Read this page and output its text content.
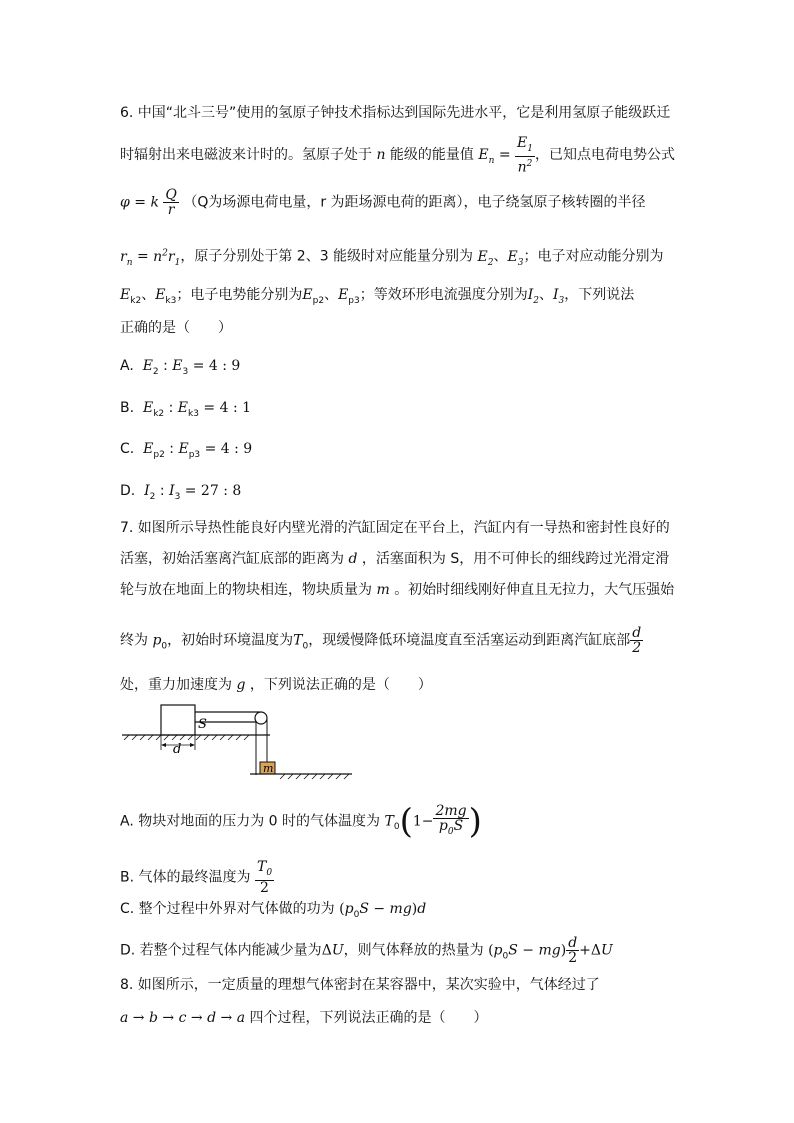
6. 中国“北斗三号”使用的氢原子钟技术指标达到国际先进水平，它是利用氢原子能级跃迁
时辐射出来电磁波来计时的。氢原子处于 n 能级的能量值 $E_n = \frac{E_1}{n^2}$ ，已知点电荷电势公式
φ = k $\frac{Q}{r} (Q$为场源电荷电量，r 为距场源电荷的距离），电子绕氢原子核转圈的半径
$r_n = n^2r_1$，原子分别处于第 2、3 能级时对应能量分别为 $E_2$、$E_3$；电子对应动能分别为
$E_{k2}$、$E_{k3}$；电子电势能分别为$E_{p2}$、$E_{p3}$；等效环形电流强度分别为$I_2$、$I_3$，下列说法
正确的是（　　）
A. $E_2$ : $E_3 = 4$ : 9
B. $E_{k2}$ : $E_{k3} = 4$ : 1
C. $E_{p2}$ : $E_{p3} = 4$ : 9
D. $I_2$ : $I_3 = 27$ : 8
7. 如图所示导热性能良好内壁光滑的汽缸固定在平台上，汽缸内有一导热和密封性良好的
活塞，初始活塞离汽缸底部的距离为 d ，活塞面积为 S，用不可伸长的细线跨过光滑定滑
轮与放在地面上的物块相连，物块质量为 m 。初始时细线刚好伸直且无拉力，大气压强始
终为 $p_0$，初始时环境温度为$T_0$，现缓慢降低环境温度直至活塞运动到距离汽缸底部 $\frac{d}{2}$
处，重力加速度为 g ，下列说法正确的是（　　）
S
m
d
A. 物块对地面的压力为 0 时的气体温度为 $T_0(1- \frac{2mg}{p_0S}$ )
B. 气体的最终温度为 $\frac{T_0}{2}$
C. 整个过程中外界对气体做的功为 $(p_0S - mg)d$
D. 若整个过程气体内能减少量为ΔU，则气体释放的热量为 $(p_0S - mg) \frac{d}{2} +\Delta U$
8. 如图所示，一定质量的理想气体密封在某容器中，某次实验中，气体经过了
a → b → c → d → a 四个过程，下列说法正确的是（　　）
